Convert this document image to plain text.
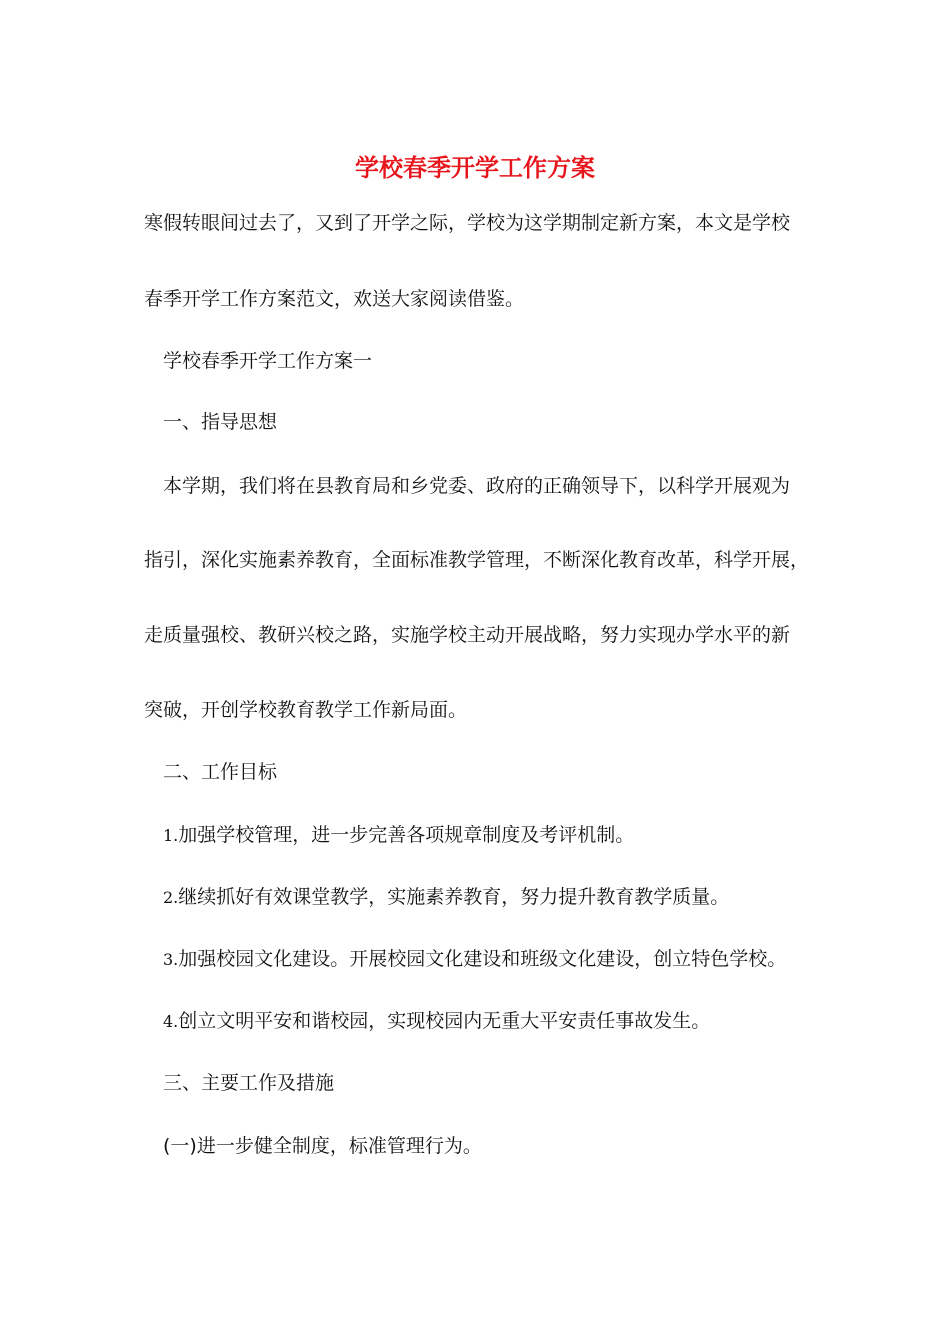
学校春季开学工作方案

寒假转眼间过去了，又到了开学之际，学校为这学期制定新方案，本文是学校

春季开学工作方案范文，欢送大家阅读借鉴。

学校春季开学工作方案一

一、指导思想

本学期，我们将在县教育局和乡党委、政府的正确领导下，以科学开展观为

指引，深化实施素养教育，全面标准教学管理，不断深化教育改革，科学开展，

走质量强校、教研兴校之路，实施学校主动开展战略，努力实现办学水平的新

突破，开创学校教育教学工作新局面。

二、工作目标

1.加强学校管理，进一步完善各项规章制度及考评机制。

2.继续抓好有效课堂教学，实施素养教育，努力提升教育教学质量。

3.加强校园文化建设。开展校园文化建设和班级文化建设，创立特色学校。

4.创立文明平安和谐校园，实现校园内无重大平安责任事故发生。

三、主要工作及措施

(一)进一步健全制度，标准管理行为。
